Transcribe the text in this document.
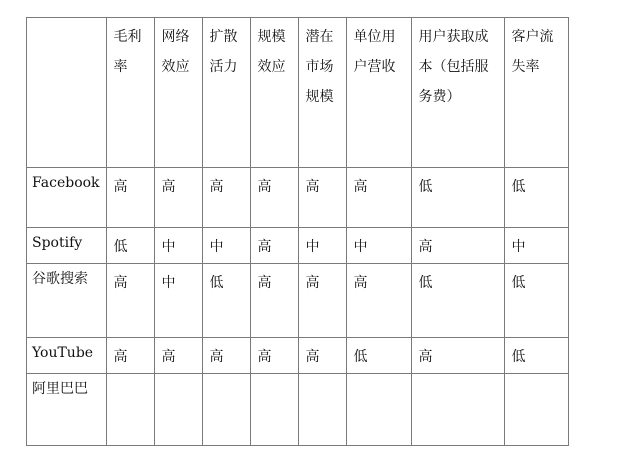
	毛利率	网络效应	扩散活力	规模效应	潜在市场规模	单位用户营收	用户获取成本（包括服务费）	客户流失率

Facebook	高	高	高	高	高	高	低	低

Spotify	低	中	中	高	中	中	高	中

谷歌搜索	高	中	低	高	高	高	低	低

YouTube	高	高	高	高	高	低	高	低

阿里巴巴								
